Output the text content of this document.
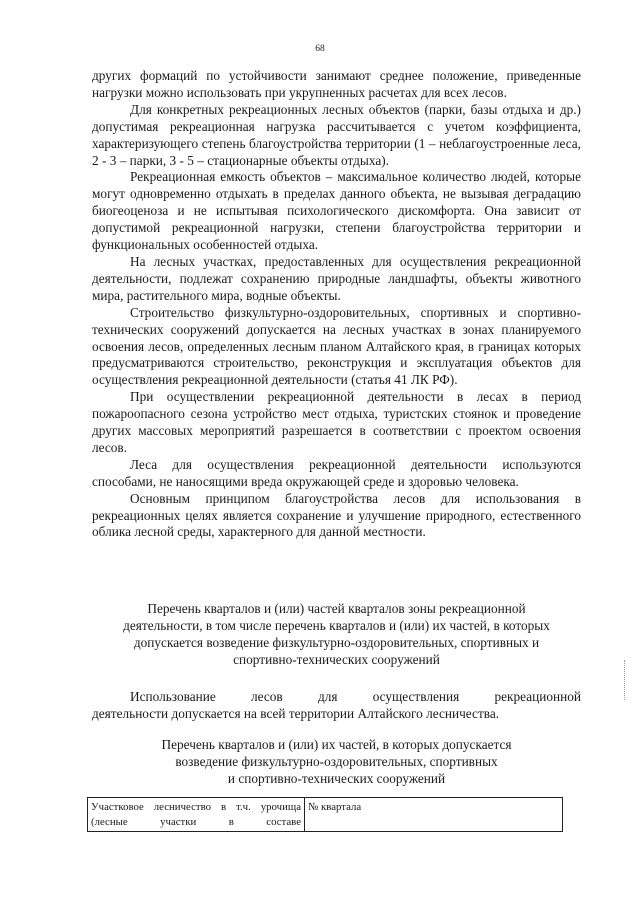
68

других формаций по устойчивости занимают среднее положение, приведенные нагрузки можно использовать при укрупненных расчетах для всех лесов.

Для конкретных рекреационных лесных объектов (парки, базы отдыха и др.) допустимая рекреационная нагрузка рассчитывается с учетом коэффициента, характеризующего степень благоустройства территории (1 – неблагоустроенные леса, 2 - 3 – парки, 3 - 5 – стационарные объекты отдыха).

Рекреационная емкость объектов – максимальное количество людей, которые могут одновременно отдыхать в пределах данного объекта, не вызывая деградацию биогеоценоза и не испытывая психологического дискомфорта. Она зависит от допустимой рекреационной нагрузки, степени благоустройства территории и функциональных особенностей отдыха.

На лесных участках, предоставленных для осуществления рекреационной деятельности, подлежат сохранению природные ландшафты, объекты животного мира, растительного мира, водные объекты.

Строительство физкультурно-оздоровительных, спортивных и спортивно-технических сооружений допускается на лесных участках в зонах планируемого освоения лесов, определенных лесным планом Алтайского края, в границах которых предусматриваются строительство, реконструкция и эксплуатация объектов для осуществления рекреационной деятельности (статья 41 ЛК РФ).

При осуществлении рекреационной деятельности в лесах в период пожароопасного сезона устройство мест отдыха, туристских стоянок и проведение других массовых мероприятий разрешается в соответствии с проектом освоения лесов.

Леса для осуществления рекреационной деятельности используются способами, не наносящими вреда окружающей среде и здоровью человека.

Основным принципом благоустройства лесов для использования в рекреационных целях является сохранение и улучшение природного, естественного облика лесной среды, характерного для данной местности.

Перечень кварталов и (или) частей кварталов зоны рекреационной
деятельности, в том числе перечень кварталов и (или) их частей, в которых
допускается возведение физкультурно-оздоровительных, спортивных и
спортивно-технических сооружений
Использование	лесов	для	осуществления	рекреационной
деятельности допускается на всей территории Алтайского лесничества.
Перечень кварталов и (или) их частей, в которых допускается
возведение физкультурно-оздоровительных, спортивных
и спортивно-технических сооружений
Участковое лесничество в т.ч. урочища (лесные участки в составе	№ квартала
